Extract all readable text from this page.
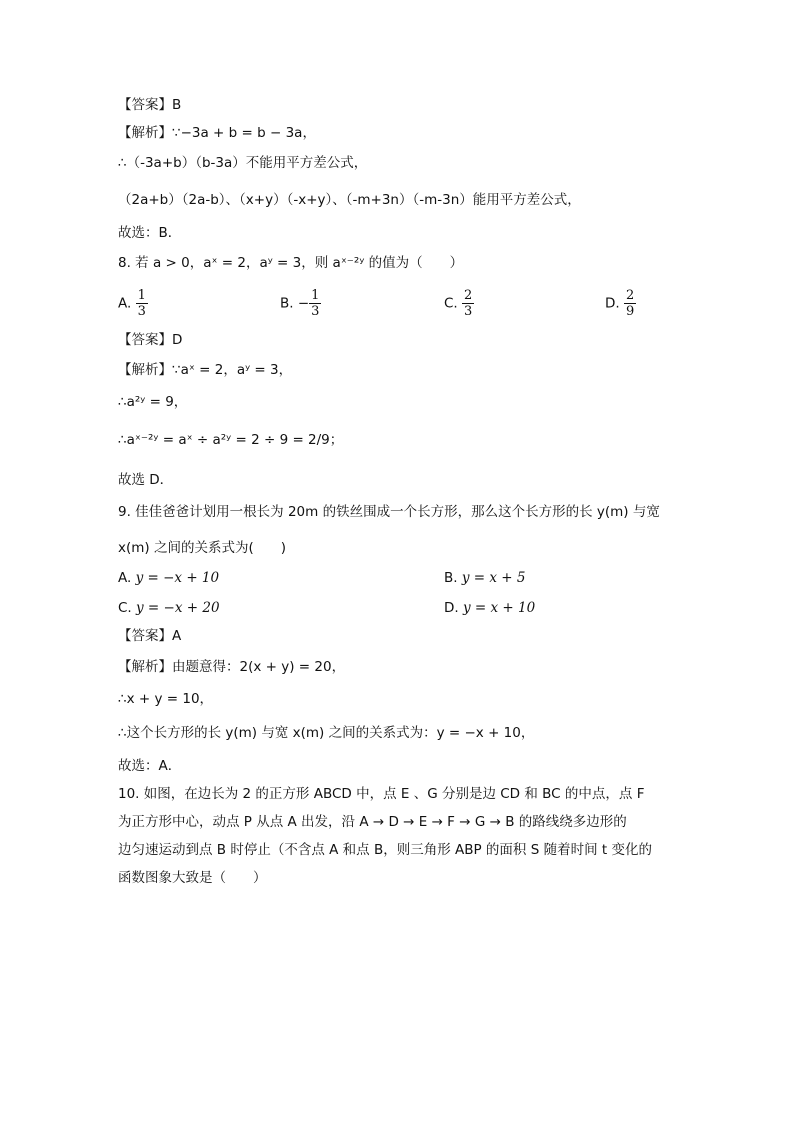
【答案】B
【解析】∵−3a + b = b − 3a，
∴（-3a+b）（b-3a）不能用平方差公式，
（2a+b）（2a-b）、（x+y）（-x+y）、（-m+3n）（-m-3n）能用平方差公式，
故选：B．
8. 若 a > 0，aˣ = 2，aʸ = 3，则 aˣ⁻²ʸ 的值为（　　）
A. $\frac{1}{3}$	B. − $\frac{1}{3}$	C. $\frac{2}{3}$	D. $\frac{2}{9}$
【答案】D
【解析】∵aˣ = 2，aʸ = 3，
∴a²ʸ = 9，
∴aˣ⁻²ʸ = aˣ ÷ a²ʸ = 2 ÷ 9 = 2/9；
故选 D．
9. 佳佳爸爸计划用一根长为 20m 的铁丝围成一个长方形，那么这个长方形的长 y(m) 与宽
x(m) 之间的关系式为(　　)
A. y = −x + 10	B. y = x + 5
C. y = −x + 20	D. y = x + 10
【答案】A
【解析】由题意得：2(x + y) = 20，
∴x + y = 10，
∴这个长方形的长 y(m) 与宽 x(m) 之间的关系式为：y = −x + 10，
故选：A．
10. 如图，在边长为 2 的正方形 ABCD 中，点 E 、G 分别是边 CD 和 BC 的中点，点 F
为正方形中心，动点 P 从点 A 出发，沿 A → D → E → F → G → B 的路线绕多边形的
边匀速运动到点 B 时停止（不含点 A 和点 B，则三角形 ABP 的面积 S 随着时间 t 变化的
函数图象大致是（　　）
